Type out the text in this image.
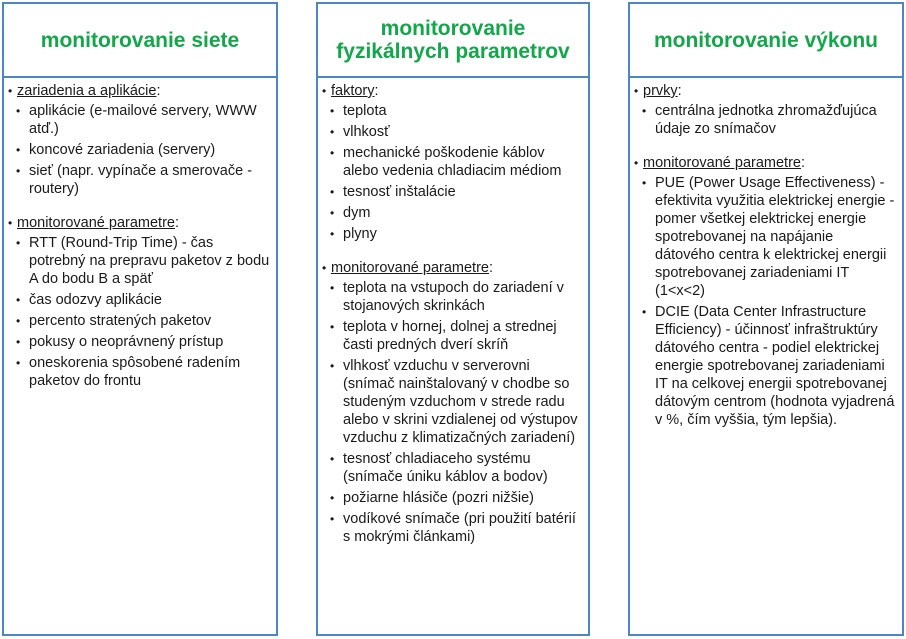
monitorovanie siete
• zariadenia a aplikácie:
• aplikácie (e-mailové servery, WWW atď.)
• koncové zariadenia (servery)
• sieť (napr. vypínače a smerovače - routery)
• monitorované parametre:
• RTT (Round-Trip Time) - čas potrebný na prepravu paketov z bodu A do bodu B a späť
• čas odozvy aplikácie
• percento stratených paketov
• pokusy o neoprávnený prístup
• oneskorenia spôsobené radením paketov do frontu
monitorovanie
fyzikálnych parametrov
• faktory:
• teplota
• vlhkosť
• mechanické poškodenie káblov alebo vedenia chladiacim médiom
• tesnosť inštalácie
• dym
• plyny
• monitorované parametre:
• teplota na vstupoch do zariadení v stojanových skrinkách
• teplota v hornej, dolnej a strednej časti predných dverí skríň
• vlhkosť vzduchu v serverovni (snímač nainštalovaný v chodbe so studeným vzduchom v strede radu alebo v skrini vzdialenej od výstupov vzduchu z klimatizačných zariadení)
• tesnosť chladiaceho systému (snímače úniku káblov a bodov)
• požiarne hlásiče (pozri nižšie)
• vodíkové snímače (pri použití batérií s mokrými článkami)
monitorovanie výkonu
• prvky:
• centrálna jednotka zhromažďujúca údaje zo snímačov
• monitorované parametre:
• PUE (Power Usage Effectiveness) - efektivita využitia elektrickej energie - pomer všetkej elektrickej energie spotrebovanej na napájanie dátového centra k elektrickej energii spotrebovanej zariadeniami IT (1<x<2)
• DCIE (Data Center Infrastructure Efficiency) - účinnosť infraštruktúry dátového centra - podiel elektrickej energie spotrebovanej zariadeniami IT na celkovej energii spotrebovanej dátovým centrom (hodnota vyjadrená v %, čím vyššia, tým lepšia).
